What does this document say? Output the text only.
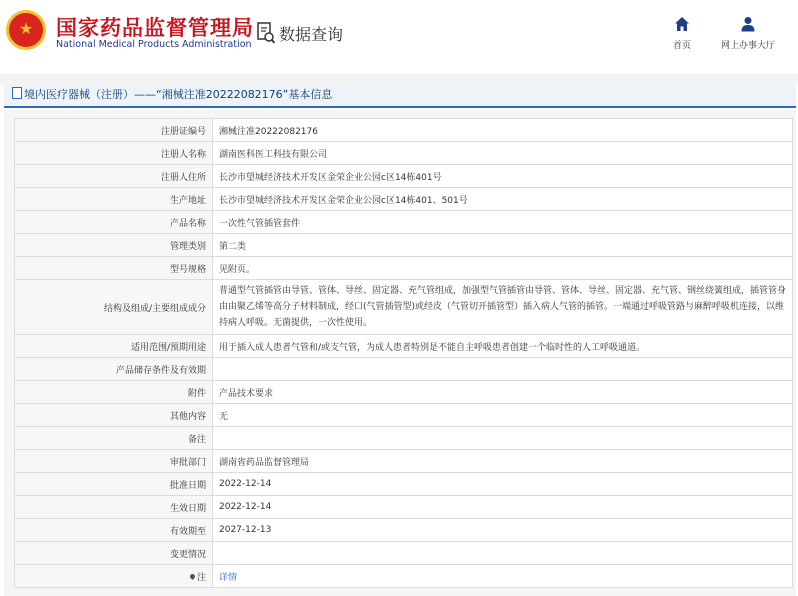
★ 国家药品监督管理局
National Medical Products Administration
数据查询
首页	网上办事大厅
境内医疗器械（注册）——“湘械注准20222082176”基本信息
注册证编号	湘械注准20222082176
注册人名称	湖南医科医工科技有限公司
注册人住所	长沙市望城经济技术开发区金荣企业公园c区14栋401号
生产地址	长沙市望城经济技术开发区金荣企业公园c区14栋401、501号
产品名称	一次性气管插管套件
管理类别	第二类
型号规格	见附页。
结构及组成/主要组成成分	普通型气管插管由导管、管体、导丝、固定器、充气管组成，加强型气管插管由导管、管体、导丝、固定器、充气管、钢丝绕簧组成，插管管身由由聚乙烯等高分子材料制成，经口(气管插管型)或经皮（气管切开插管型）插入病人气管的插管。一端通过呼吸管路与麻醉呼吸机连接，以维持病人呼吸。无菌提供，一次性使用。
适用范围/预期用途	用于插入成人患者气管和/或支气管，为成人患者特别是不能自主呼吸患者创建一个临时性的人工呼吸通道。
产品储存条件及有效期	
附件	产品技术要求
其他内容	无
备注	
审批部门	湖南省药品监督管理局
批准日期	2022-12-14
生效日期	2022-12-14
有效期至	2027-12-13
变更情况	
注	详情
